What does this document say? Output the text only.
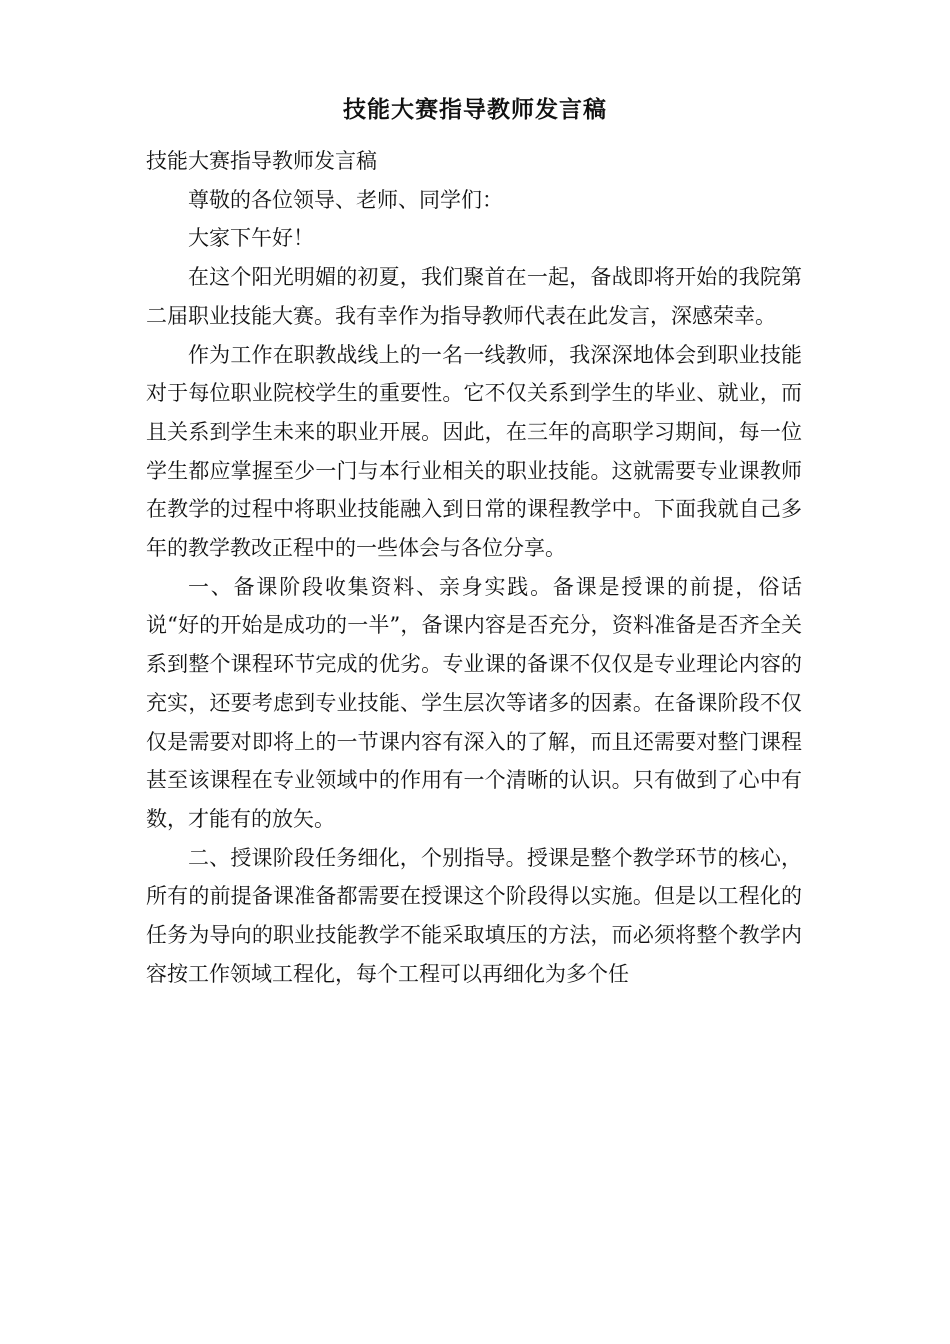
技能大赛指导教师发言稿

技能大赛指导教师发言稿

尊敬的各位领导、老师、同学们：

大家下午好！

在这个阳光明媚的初夏，我们聚首在一起，备战即将开始的我院第二届职业技能大赛。我有幸作为指导教师代表在此发言，深感荣幸。

作为工作在职教战线上的一名一线教师，我深深地体会到职业技能对于每位职业院校学生的重要性。它不仅关系到学生的毕业、就业，而且关系到学生未来的职业开展。因此，在三年的高职学习期间，每一位学生都应掌握至少一门与本行业相关的职业技能。这就需要专业课教师在教学的过程中将职业技能融入到日常的课程教学中。下面我就自己多年的教学教改正程中的一些体会与各位分享。

一、备课阶段收集资料、亲身实践。备课是授课的前提，俗话说“好的开始是成功的一半”，备课内容是否充分，资料准备是否齐全关系到整个课程环节完成的优劣。专业课的备课不仅仅是专业理论内容的充实，还要考虑到专业技能、学生层次等诸多的因素。在备课阶段不仅仅是需要对即将上的一节课内容有深入的了解，而且还需要对整门课程甚至该课程在专业领域中的作用有一个清晰的认识。只有做到了心中有数，才能有的放矢。

二、授课阶段任务细化，个别指导。授课是整个教学环节的核心，所有的前提备课准备都需要在授课这个阶段得以实施。但是以工程化的任务为导向的职业技能教学不能采取填压的方法，而必须将整个教学内容按工作领域工程化，每个工程可以再细化为多个任
